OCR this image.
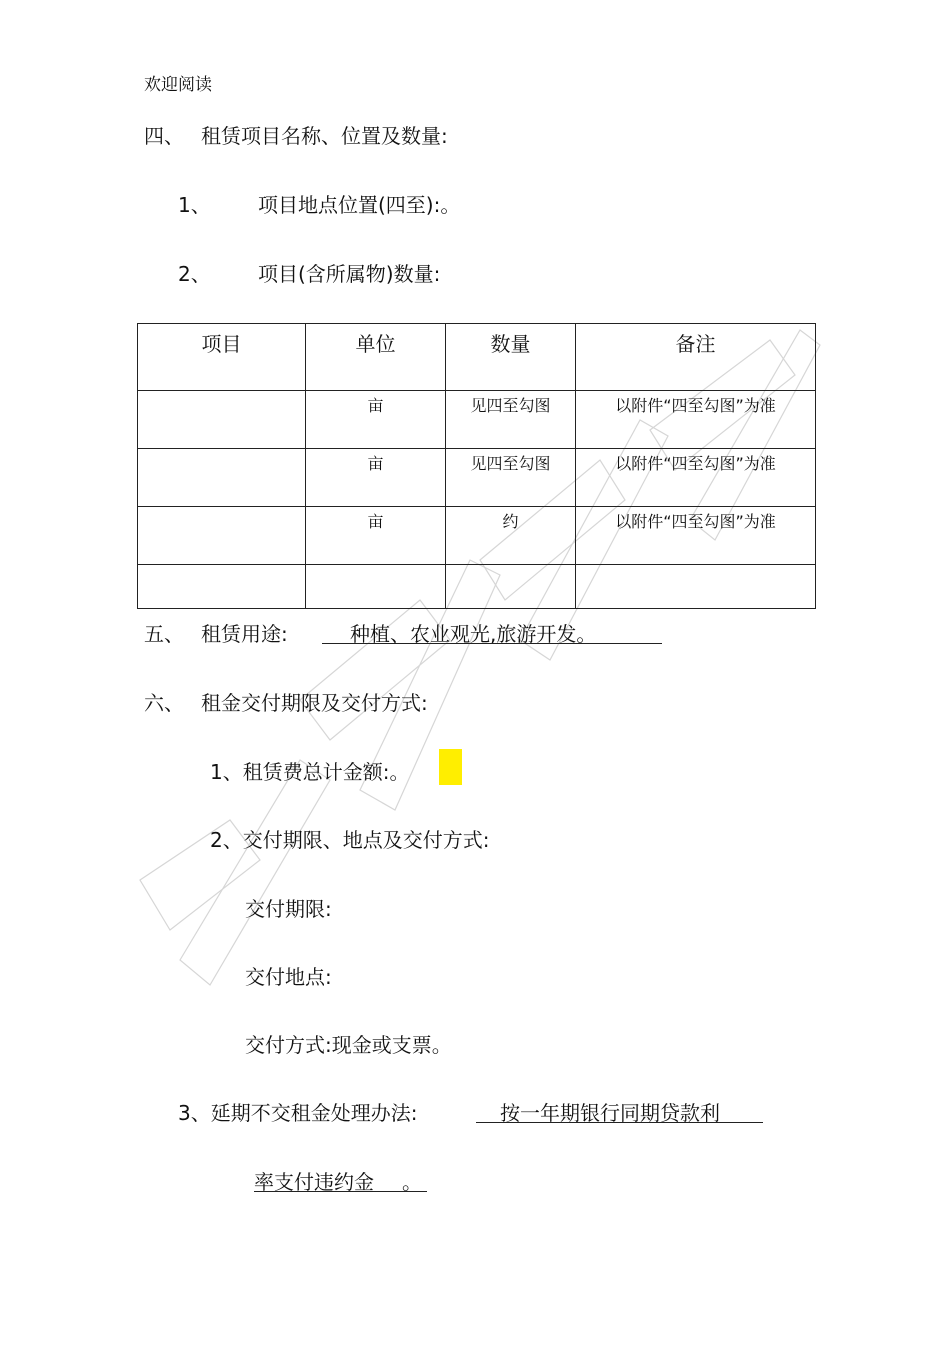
欢迎阅读
四、 租赁项目名称、位置及数量:
1、 项目地点位置(四至):。
2、 项目(含所属物)数量:
项目	单位	数量	备注
	亩	见四至勾图	以附件“四至勾图”为准
	亩	见四至勾图	以附件“四至勾图”为准
	亩	约	以附件“四至勾图”为准

五、 租赁用途:	种植、农业观光,旅游开发。
六、 租金交付期限及交付方式:
1、租赁费总计金额:。
2、交付期限、地点及交付方式:
交付期限:
交付地点:
交付方式:现金或支票。
3、延期不交租金处理办法:	按一年期银行同期贷款利
率支付违约金 。
